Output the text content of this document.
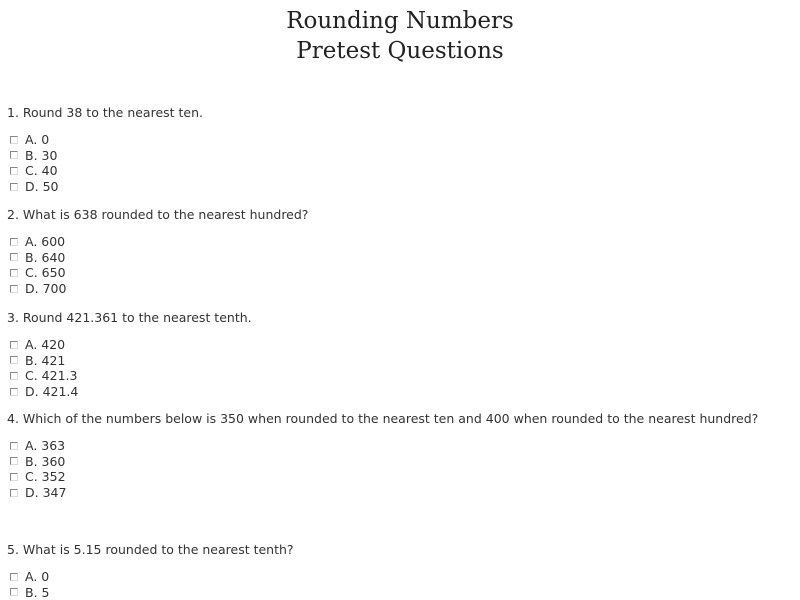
Rounding Numbers
Pretest Questions
1. Round 38 to the nearest ten.
A. 0
B. 30
C. 40
D. 50
2. What is 638 rounded to the nearest hundred?
A. 600
B. 640
C. 650
D. 700
3. Round 421.361 to the nearest tenth.
A. 420
B. 421
C. 421.3
D. 421.4
4. Which of the numbers below is 350 when rounded to the nearest ten and 400 when rounded to the nearest hundred?
A. 363
B. 360
C. 352
D. 347
5. What is 5.15 rounded to the nearest tenth?
A. 0
B. 5
